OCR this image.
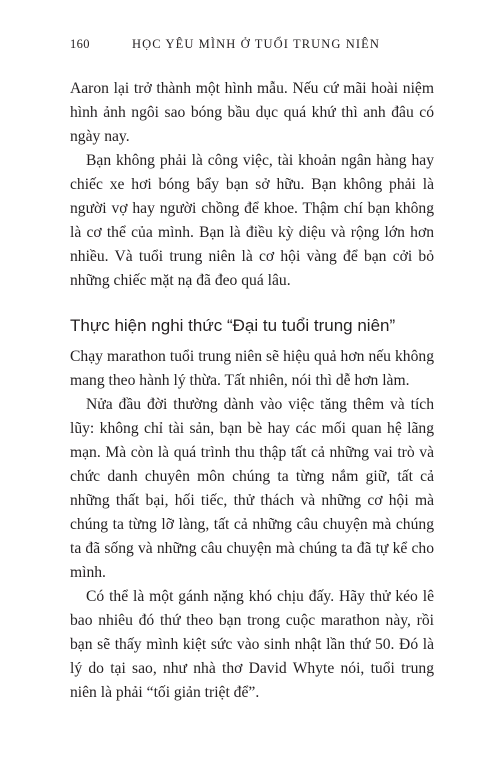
160	HỌC YÊU MÌNH Ở TUỔI TRUNG NIÊN

Aaron lại trở thành một hình mẫu. Nếu cứ mãi hoài niệm hình ảnh ngôi sao bóng bầu dục quá khứ thì anh đâu có ngày nay.

Bạn không phải là công việc, tài khoản ngân hàng hay chiếc xe hơi bóng bẩy bạn sở hữu. Bạn không phải là người vợ hay người chồng để khoe. Thậm chí bạn không là cơ thể của mình. Bạn là điều kỳ diệu và rộng lớn hơn nhiều. Và tuổi trung niên là cơ hội vàng để bạn cởi bỏ những chiếc mặt nạ đã đeo quá lâu.

Thực hiện nghi thức “Đại tu tuổi trung niên”

Chạy marathon tuổi trung niên sẽ hiệu quả hơn nếu không mang theo hành lý thừa. Tất nhiên, nói thì dễ hơn làm.

Nửa đầu đời thường dành vào việc tăng thêm và tích lũy: không chỉ tài sản, bạn bè hay các mối quan hệ lãng mạn. Mà còn là quá trình thu thập tất cả những vai trò và chức danh chuyên môn chúng ta từng nắm giữ, tất cả những thất bại, hối tiếc, thử thách và những cơ hội mà chúng ta từng lỡ làng, tất cả những câu chuyện mà chúng ta đã sống và những câu chuyện mà chúng ta đã tự kể cho mình.

Có thể là một gánh nặng khó chịu đấy. Hãy thử kéo lê bao nhiêu đó thứ theo bạn trong cuộc marathon này, rồi bạn sẽ thấy mình kiệt sức vào sinh nhật lần thứ 50. Đó là lý do tại sao, như nhà thơ David Whyte nói, tuổi trung niên là phải “tối giản triệt để”.
